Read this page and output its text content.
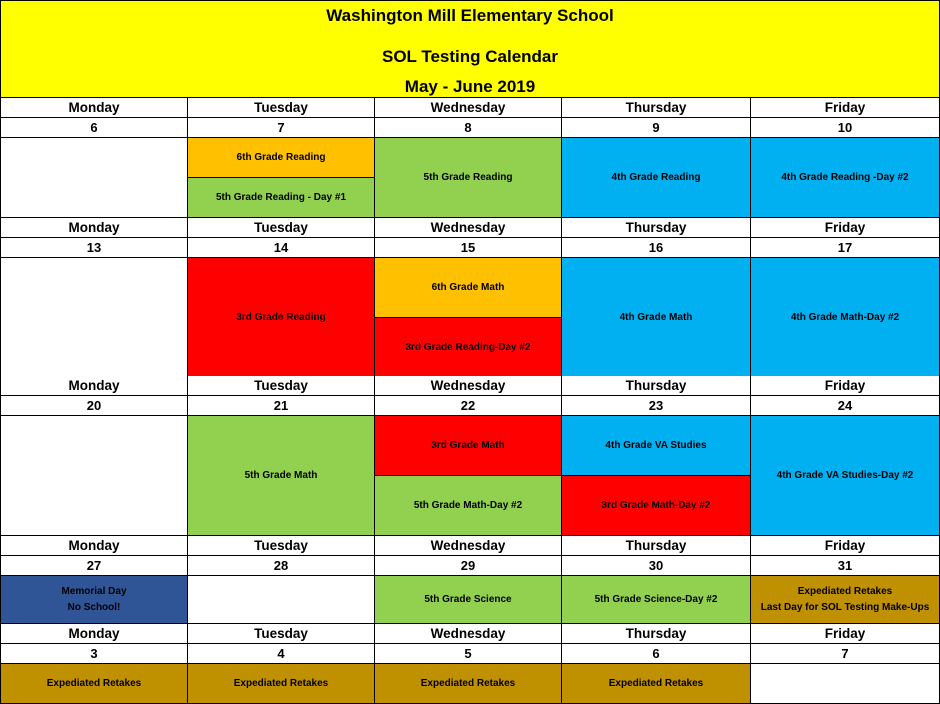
Washington Mill Elementary School
SOL Testing Calendar
May - June 2019
Monday
6
Tuesday
7
6th Grade Reading
5th Grade Reading - Day #1
Wednesday
8
5th Grade Reading
Thursday
9
4th Grade Reading
Friday
10
4th Grade Reading -Day #2
Monday
13
Tuesday
14
3rd Grade Reading
Wednesday
15
6th Grade Math
3rd Grade Reading-Day #2
Thursday
16
4th Grade Math
Friday
17
4th Grade Math-Day #2
Monday
20
Tuesday
21
5th Grade Math
Wednesday
22
3rd Grade Math
5th Grade Math-Day #2
Thursday
23
4th Grade VA Studies
3rd Grade Math-Day #2
Friday
24
4th Grade VA Studies-Day #2
Monday
27
Memorial Day
No School!
Tuesday
28
Wednesday
29
5th Grade Science
Thursday
30
5th Grade Science-Day #2
Friday
31
Expediated Retakes
Last Day for SOL Testing Make-Ups
Monday
3
Expediated Retakes
Tuesday
4
Expediated Retakes
Wednesday
5
Expediated Retakes
Thursday
6
Expediated Retakes
Friday
7
